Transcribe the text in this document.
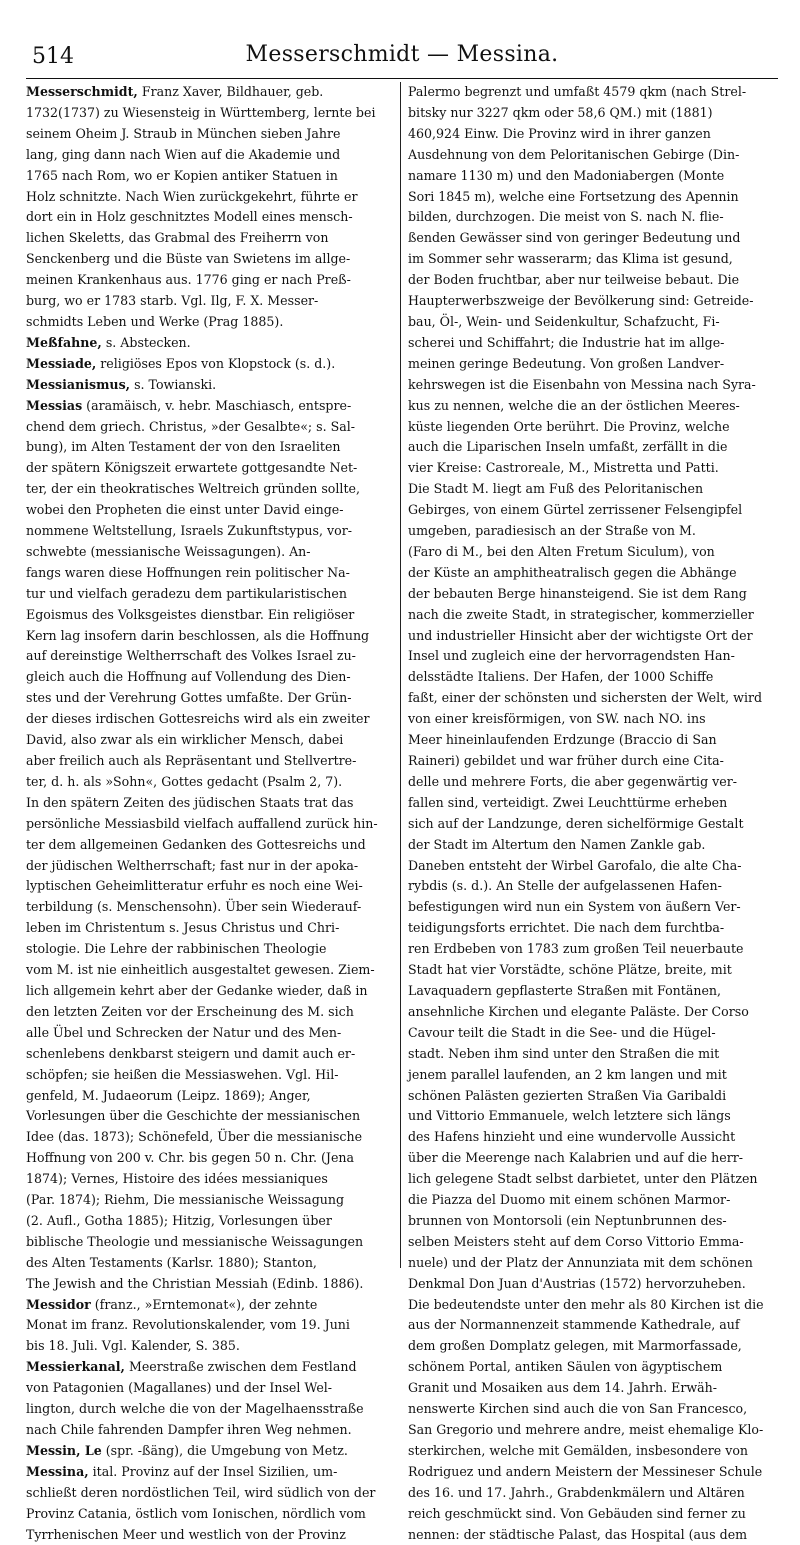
514	Messerschmidt — Messina.
Messerschmidt, Franz Xaver, Bildhauer, geb.
1732(1737) zu Wiesensteig in Württemberg, lernte bei
seinem Oheim J. Straub in München sieben Jahre
lang, ging dann nach Wien auf die Akademie und
1765 nach Rom, wo er Kopien antiker Statuen in
Holz schnitzte. Nach Wien zurückgekehrt, führte er
dort ein in Holz geschnitztes Modell eines mensch-
lichen Skeletts, das Grabmal des Freiherrn von
Senckenberg und die Büste van Swietens im allge-
meinen Krankenhaus aus. 1776 ging er nach Preß-
burg, wo er 1783 starb. Vgl. Ilg, F. X. Messer-
schmidts Leben und Werke (Prag 1885).
Meßfahne, s. Abstecken.
Messiade, religiöses Epos von Klopstock (s. d.).
Messianismus, s. Towianski.
Messias (aramäisch, v. hebr. Maschiasch, entspre-
chend dem griech. Christus, »der Gesalbte«; s. Sal-
bung), im Alten Testament der von den Israeliten
der spätern Königszeit erwartete gottgesandte Net-
ter, der ein theokratisches Weltreich gründen sollte,
wobei den Propheten die einst unter David einge-
nommene Weltstellung, Israels Zukunftstypus, vor-
schwebte (messianische Weissagungen). An-
fangs waren diese Hoffnungen rein politischer Na-
tur und vielfach geradezu dem partikularistischen
Egoismus des Volksgeistes dienstbar. Ein religiöser
Kern lag insofern darin beschlossen, als die Hoffnung
auf dereinstige Weltherrschaft des Volkes Israel zu-
gleich auch die Hoffnung auf Vollendung des Dien-
stes und der Verehrung Gottes umfaßte. Der Grün-
der dieses irdischen Gottesreichs wird als ein zweiter
David, also zwar als ein wirklicher Mensch, dabei
aber freilich auch als Repräsentant und Stellvertre-
ter, d. h. als »Sohn«, Gottes gedacht (Psalm 2, 7).
In den spätern Zeiten des jüdischen Staats trat das
persönliche Messiasbild vielfach auffallend zurück hin-
ter dem allgemeinen Gedanken des Gottesreichs und
der jüdischen Weltherrschaft; fast nur in der apoka-
lyptischen Geheimlitteratur erfuhr es noch eine Wei-
terbildung (s. Menschensohn). Über sein Wiederauf-
leben im Christentum s. Jesus Christus und Chri-
stologie. Die Lehre der rabbinischen Theologie
vom M. ist nie einheitlich ausgestaltet gewesen. Ziem-
lich allgemein kehrt aber der Gedanke wieder, daß in
den letzten Zeiten vor der Erscheinung des M. sich
alle Übel und Schrecken der Natur und des Men-
schenlebens denkbarst steigern und damit auch er-
schöpfen; sie heißen die Messiaswehen. Vgl. Hil-
genfeld, M. Judaeorum (Leipz. 1869); Anger,
Vorlesungen über die Geschichte der messianischen
Idee (das. 1873); Schönefeld, Über die messianische
Hoffnung von 200 v. Chr. bis gegen 50 n. Chr. (Jena
1874); Vernes, Histoire des idées messianiques
(Par. 1874); Riehm, Die messianische Weissagung
(2. Aufl., Gotha 1885); Hitzig, Vorlesungen über
biblische Theologie und messianische Weissagungen
des Alten Testaments (Karlsr. 1880); Stanton,
The Jewish and the Christian Messiah (Edinb. 1886).
Messidor (franz., »Erntemonat«), der zehnte
Monat im franz. Revolutionskalender, vom 19. Juni
bis 18. Juli. Vgl. Kalender, S. 385.
Messierkanal, Meerstraße zwischen dem Festland
von Patagonien (Magallanes) und der Insel Wel-
lington, durch welche die von der Magelhaensstraße
nach Chile fahrenden Dampfer ihren Weg nehmen.
Messin, Le (spr. -ßäng), die Umgebung von Metz.
Messina, ital. Provinz auf der Insel Sizilien, um-
schließt deren nordöstlichen Teil, wird südlich von der
Provinz Catania, östlich vom Ionischen, nördlich vom
Tyrrhenischen Meer und westlich von der Provinz
Palermo begrenzt und umfaßt 4579 qkm (nach Strel-
bitsky nur 3227 qkm oder 58,6 QM.) mit (1881)
460,924 Einw. Die Provinz wird in ihrer ganzen
Ausdehnung von dem Peloritanischen Gebirge (Din-
namare 1130 m) und den Madoniabergen (Monte
Sori 1845 m), welche eine Fortsetzung des Apennin
bilden, durchzogen. Die meist von S. nach N. flie-
ßenden Gewässer sind von geringer Bedeutung und
im Sommer sehr wasserarm; das Klima ist gesund,
der Boden fruchtbar, aber nur teilweise bebaut. Die
Haupterwerbszweige der Bevölkerung sind: Getreide-
bau, Öl-, Wein- und Seidenkultur, Schafzucht, Fi-
scherei und Schiffahrt; die Industrie hat im allge-
meinen geringe Bedeutung. Von großen Landver-
kehrswegen ist die Eisenbahn von Messina nach Syra-
kus zu nennen, welche die an der östlichen Meeres-
küste liegenden Orte berührt. Die Provinz, welche
auch die Liparischen Inseln umfaßt, zerfällt in die
vier Kreise: Castroreale, M., Mistretta und Patti.
Die Stadt M. liegt am Fuß des Peloritanischen
Gebirges, von einem Gürtel zerrissener Felsengipfel
umgeben, paradiesisch an der Straße von M.
(Faro di M., bei den Alten Fretum Siculum), von
der Küste an amphitheatralisch gegen die Abhänge
der bebauten Berge hinansteigend. Sie ist dem Rang
nach die zweite Stadt, in strategischer, kommerzieller
und industrieller Hinsicht aber der wichtigste Ort der
Insel und zugleich eine der hervorragendsten Han-
delsstädte Italiens. Der Hafen, der 1000 Schiffe
faßt, einer der schönsten und sichersten der Welt, wird
von einer kreisförmigen, von SW. nach NO. ins
Meer hineinlaufenden Erdzunge (Braccio di San
Raineri) gebildet und war früher durch eine Cita-
delle und mehrere Forts, die aber gegenwärtig ver-
fallen sind, verteidigt. Zwei Leuchttürme erheben
sich auf der Landzunge, deren sichelförmige Gestalt
der Stadt im Altertum den Namen Zankle gab.
Daneben entsteht der Wirbel Garofalo, die alte Cha-
rybdis (s. d.). An Stelle der aufgelassenen Hafen-
befestigungen wird nun ein System von äußern Ver-
teidigungsforts errichtet. Die nach dem furchtba-
ren Erdbeben von 1783 zum großen Teil neuerbaute
Stadt hat vier Vorstädte, schöne Plätze, breite, mit
Lavaquadern gepflasterte Straßen mit Fontänen,
ansehnliche Kirchen und elegante Paläste. Der Corso
Cavour teilt die Stadt in die See- und die Hügel-
stadt. Neben ihm sind unter den Straßen die mit
jenem parallel laufenden, an 2 km langen und mit
schönen Palästen gezierten Straßen Via Garibaldi
und Vittorio Emmanuele, welch letztere sich längs
des Hafens hinzieht und eine wundervolle Aussicht
über die Meerenge nach Kalabrien und auf die herr-
lich gelegene Stadt selbst darbietet, unter den Plätzen
die Piazza del Duomo mit einem schönen Marmor-
brunnen von Montorsoli (ein Neptunbrunnen des-
selben Meisters steht auf dem Corso Vittorio Emma-
nuele) und der Platz der Annunziata mit dem schönen
Denkmal Don Juan d'Austrias (1572) hervorzuheben.
Die bedeutendste unter den mehr als 80 Kirchen ist die
aus der Normannenzeit stammende Kathedrale, auf
dem großen Domplatz gelegen, mit Marmorfassade,
schönem Portal, antiken Säulen von ägyptischem
Granit und Mosaiken aus dem 14. Jahrh. Erwäh-
nenswerte Kirchen sind auch die von San Francesco,
San Gregorio und mehrere andre, meist ehemalige Klo-
sterkirchen, welche mit Gemälden, insbesondere von
Rodriguez und andern Meistern der Messineser Schule
des 16. und 17. Jahrh., Grabdenkmälern und Altären
reich geschmückt sind. Von Gebäuden sind ferner zu
nennen: der städtische Palast, das Hospital (aus dem
